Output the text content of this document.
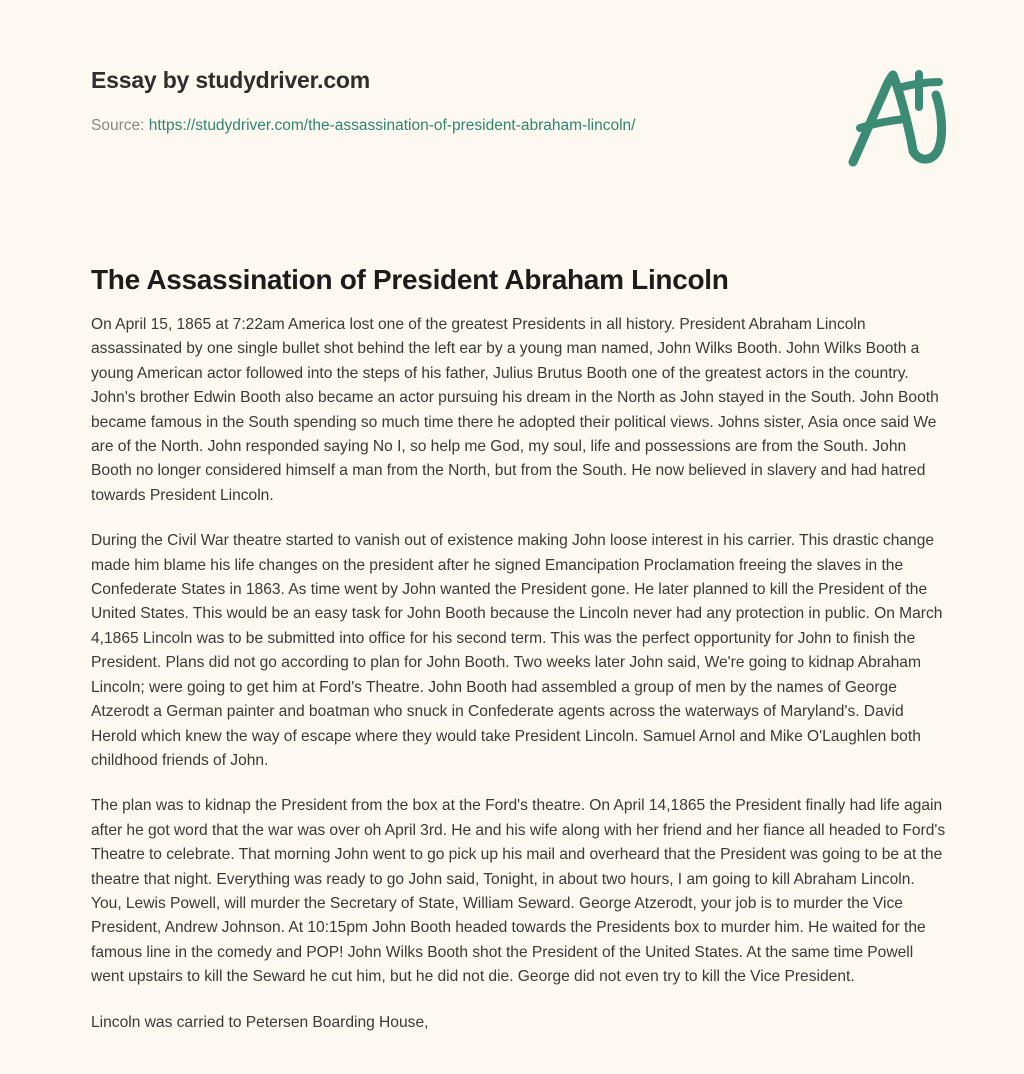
Essay by studydriver.com
Source: https://studydriver.com/the-assassination-of-president-abraham-lincoln/
The Assassination of President Abraham Lincoln

On April 15, 1865 at 7:22am America lost one of the greatest Presidents in all history. President Abraham Lincoln assassinated by one single bullet shot behind the left ear by a young man named, John Wilks Booth. John Wilks Booth a young American actor followed into the steps of his father, Julius Brutus Booth one of the greatest actors in the country. John's brother Edwin Booth also became an actor pursuing his dream in the North as John stayed in the South. John Booth became famous in the South spending so much time there he adopted their political views. Johns sister, Asia once said We are of the North. John responded saying No I, so help me God, my soul, life and possessions are from the South. John Booth no longer considered himself a man from the North, but from the South. He now believed in slavery and had hatred towards President Lincoln.

During the Civil War theatre started to vanish out of existence making John loose interest in his carrier. This drastic change made him blame his life changes on the president after he signed Emancipation Proclamation freeing the slaves in the Confederate States in 1863. As time went by John wanted the President gone. He later planned to kill the President of the United States. This would be an easy task for John Booth because the Lincoln never had any protection in public. On March 4,1865 Lincoln was to be submitted into office for his second term. This was the perfect opportunity for John to finish the President. Plans did not go according to plan for John Booth. Two weeks later John said, We're going to kidnap Abraham Lincoln; were going to get him at Ford's Theatre. John Booth had assembled a group of men by the names of George Atzerodt a German painter and boatman who snuck in Confederate agents across the waterways of Maryland's. David Herold which knew the way of escape where they would take President Lincoln. Samuel Arnol and Mike O'Laughlen both childhood friends of John.

The plan was to kidnap the President from the box at the Ford's theatre. On April 14,1865 the President finally had life again after he got word that the war was over oh April 3rd. He and his wife along with her friend and her fiance all headed to Ford's Theatre to celebrate. That morning John went to go pick up his mail and overheard that the President was going to be at the theatre that night. Everything was ready to go John said, Tonight, in about two hours, I am going to kill Abraham Lincoln. You, Lewis Powell, will murder the Secretary of State, William Seward. George Atzerodt, your job is to murder the Vice President, Andrew Johnson. At 10:15pm John Booth headed towards the Presidents box to murder him. He waited for the famous line in the comedy and POP! John Wilks Booth shot the President of the United States. At the same time Powell went upstairs to kill the Seward he cut him, but he did not die. George did not even try to kill the Vice President.

Lincoln was carried to Petersen Boarding House,
